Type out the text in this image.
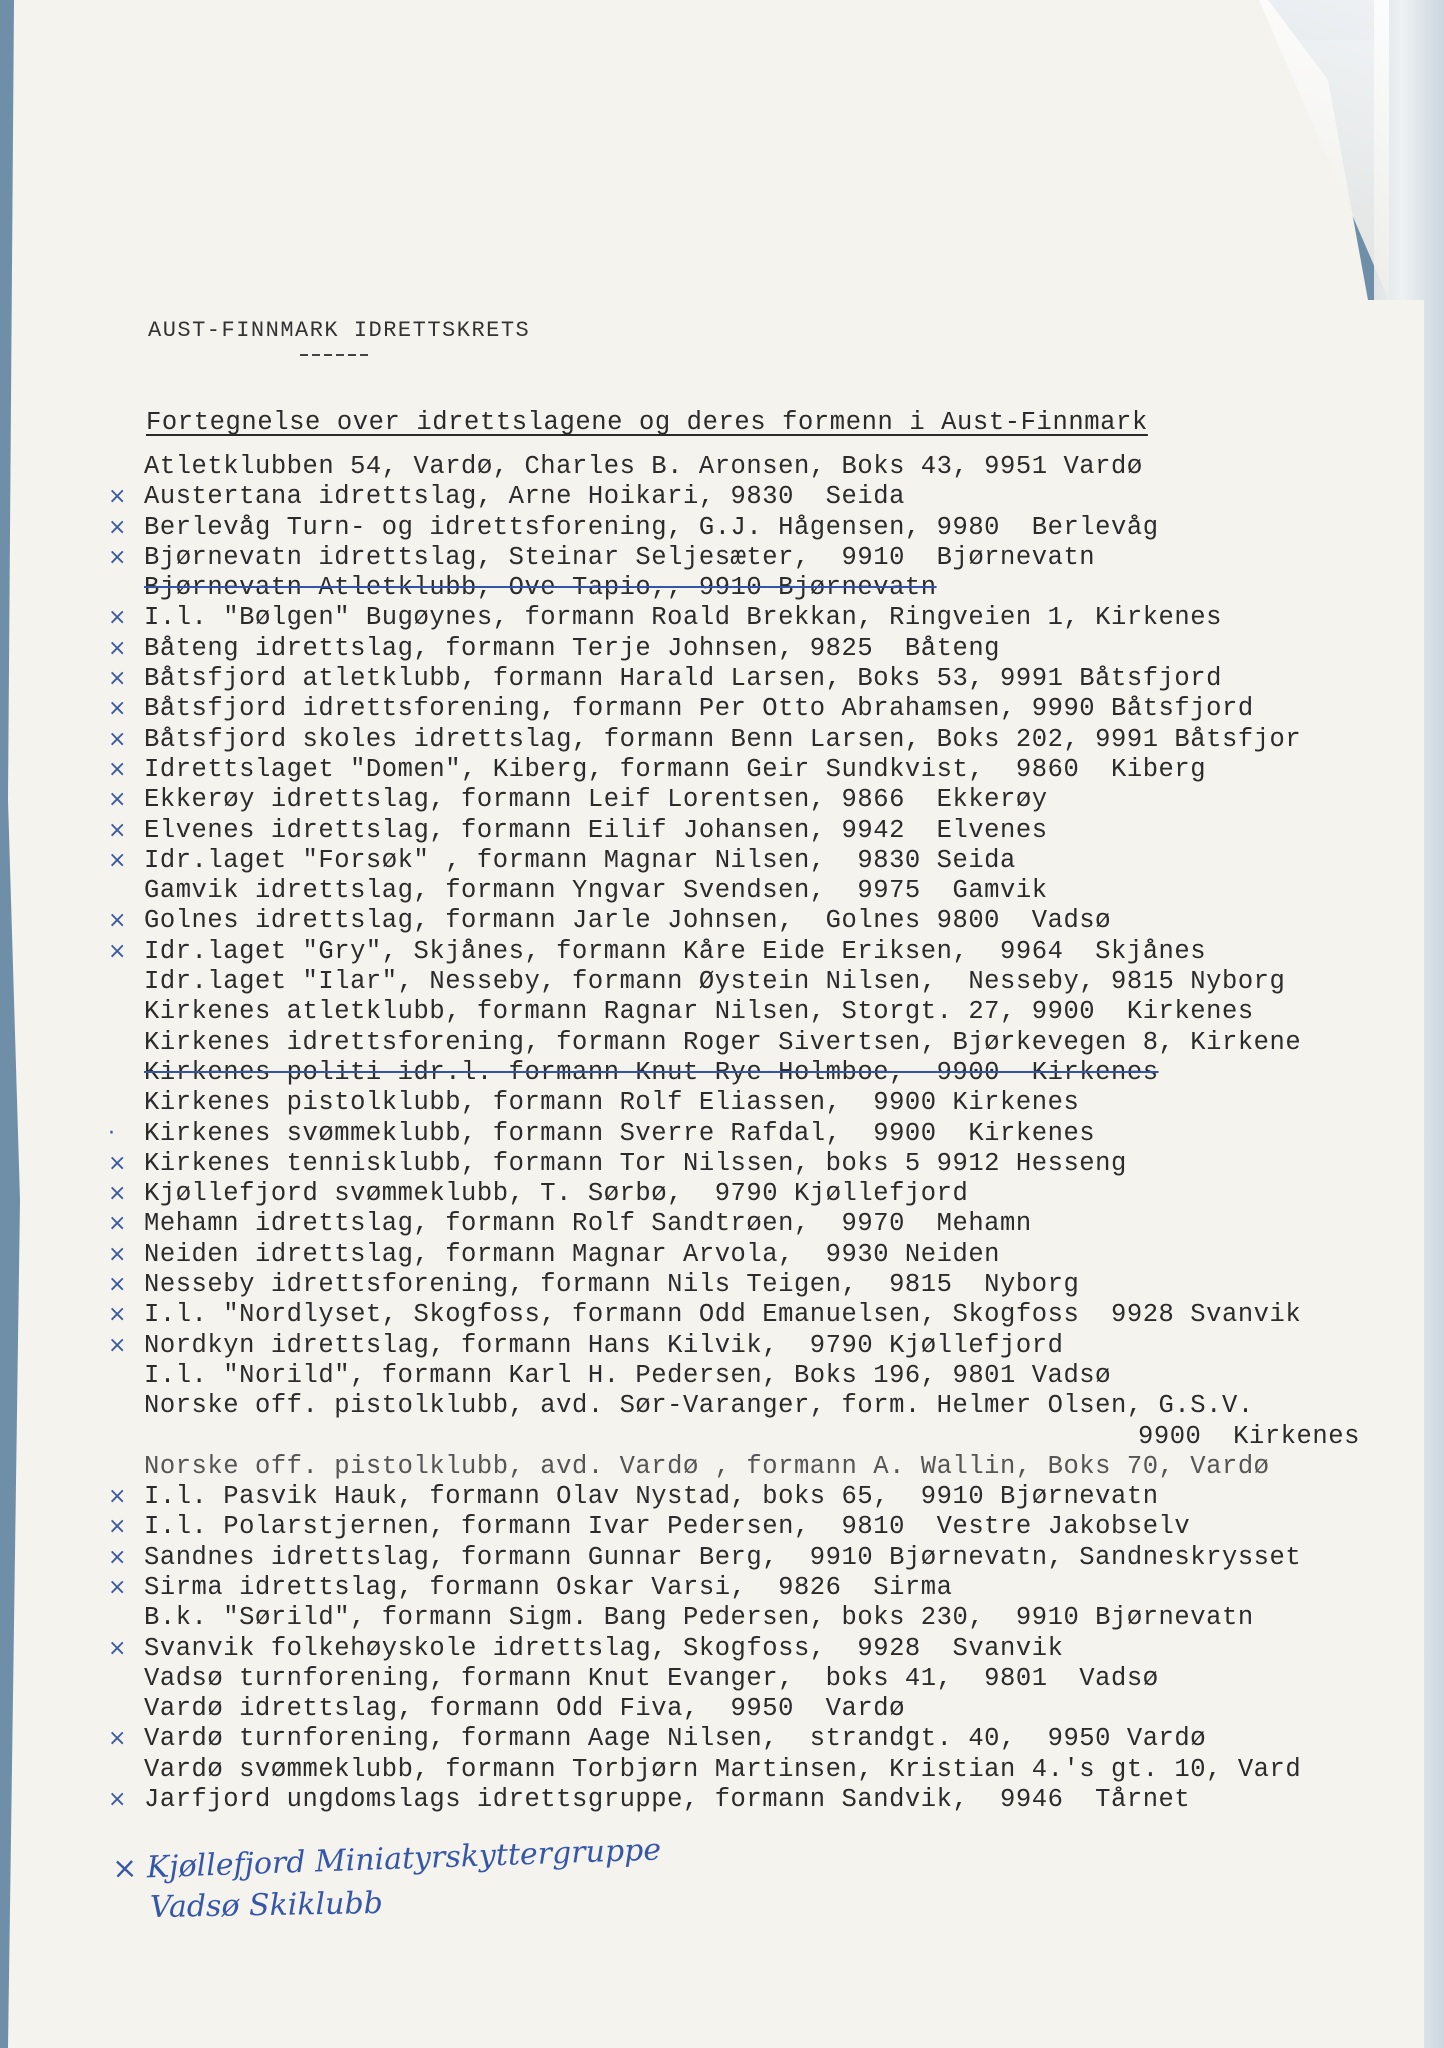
AUST-FINNMARK IDRETTSKRETS
Fortegnelse over idrettslagene og deres formenn i Aust-Finnmark
Atletklubben 54, Vardø, Charles B. Aronsen, Boks 43, 9951 Vardø
× Austertana idrettslag, Arne Hoikari, 9830  Seida
× Berlevåg Turn- og idrettsforening, G.J. Hågensen, 9980  Berlevåg
× Bjørnevatn idrettslag, Steinar Seljesæter,  9910  Bjørnevatn
Bjørnevatn Atletklubb, Ove Tapio,, 9910 Bjørnevatn
× I.l. "Bølgen" Bugøynes, formann Roald Brekkan, Ringveien 1, Kirkenes
× Båteng idrettslag, formann Terje Johnsen, 9825  Båteng
× Båtsfjord atletklubb, formann Harald Larsen, Boks 53, 9991 Båtsfjord
× Båtsfjord idrettsforening, formann Per Otto Abrahamsen, 9990 Båtsfjord
× Båtsfjord skoles idrettslag, formann Benn Larsen, Boks 202, 9991 Båtsfjor
× Idrettslaget "Domen", Kiberg, formann Geir Sundkvist,  9860  Kiberg
× Ekkerøy idrettslag, formann Leif Lorentsen, 9866  Ekkerøy
× Elvenes idrettslag, formann Eilif Johansen, 9942  Elvenes
× Idr.laget "Forsøk" , formann Magnar Nilsen,  9830 Seida
Gamvik idrettslag, formann Yngvar Svendsen,  9975  Gamvik
× Golnes idrettslag, formann Jarle Johnsen,  Golnes 9800  Vadsø
× Idr.laget "Gry", Skjånes, formann Kåre Eide Eriksen,  9964  Skjånes
Idr.laget "Ilar", Nesseby, formann Øystein Nilsen,  Nesseby, 9815 Nyborg
Kirkenes atletklubb, formann Ragnar Nilsen, Storgt. 27, 9900  Kirkenes
Kirkenes idrettsforening, formann Roger Sivertsen, Bjørkevegen 8, Kirkene
Kirkenes politi idr.l. formann Knut Rye-Holmboe,  9900  Kirkenes
Kirkenes pistolklubb, formann Rolf Eliassen,  9900 Kirkenes
·	Kirkenes svømmeklubb, formann Sverre Rafdal,  9900  Kirkenes
× Kirkenes tennisklubb, formann Tor Nilssen, boks 5 9912 Hesseng
× Kjøllefjord svømmeklubb, T. Sørbø,  9790 Kjøllefjord
× Mehamn idrettslag, formann Rolf Sandtrøen,  9970  Mehamn
× Neiden idrettslag, formann Magnar Arvola,  9930 Neiden
× Nesseby idrettsforening, formann Nils Teigen,  9815  Nyborg
× I.l. "Nordlyset, Skogfoss, formann Odd Emanuelsen, Skogfoss  9928 Svanvik
× Nordkyn idrettslag, formann Hans Kilvik,  9790 Kjøllefjord
I.l. "Norild", formann Karl H. Pedersen, Boks 196, 9801 Vadsø
Norske off. pistolklubb, avd. Sør-Varanger, form. Helmer Olsen, G.S.V.
9900  Kirkenes
Norske off. pistolklubb, avd. Vardø , formann A. Wallin, Boks 70, Vardø
× I.l. Pasvik Hauk, formann Olav Nystad, boks 65,  9910 Bjørnevatn
× I.l. Polarstjernen, formann Ivar Pedersen,  9810  Vestre Jakobselv
× Sandnes idrettslag, formann Gunnar Berg,  9910 Bjørnevatn, Sandneskrysset
× Sirma idrettslag, formann Oskar Varsi,  9826  Sirma
B.k. "Sørild", formann Sigm. Bang Pedersen, boks 230,  9910 Bjørnevatn
× Svanvik folkehøyskole idrettslag, Skogfoss,  9928  Svanvik
Vadsø turnforening, formann Knut Evanger,  boks 41,  9801  Vadsø
Vardø idrettslag, formann Odd Fiva,  9950  Vardø
× Vardø turnforening, formann Aage Nilsen,  strandgt. 40,  9950 Vardø
Vardø svømmeklubb, formann Torbjørn Martinsen, Kristian 4.'s gt. 10, Vard
× Jarfjord ungdomslags idrettsgruppe, formann Sandvik,  9946  Tårnet
× Kjøllefjord Miniatyrskyttergruppe
Vadsø Skiklubb
